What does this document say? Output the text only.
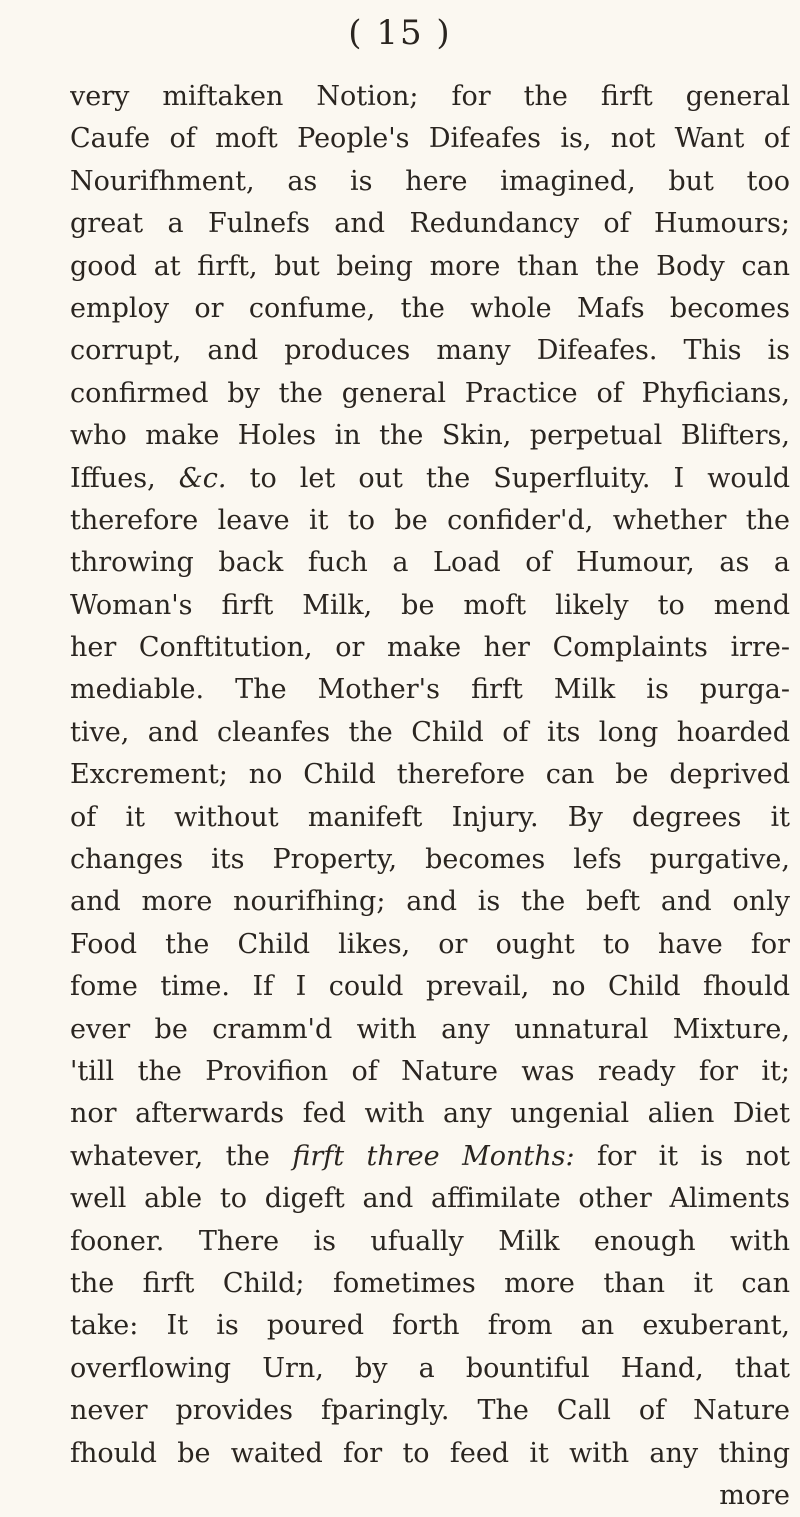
( 15 )
very miftaken Notion; for the firft general
Caufe of moft People's Difeafes is, not Want of
Nourifhment, as is here imagined, but too
great a Fulnefs and Redundancy of Humours;
good at firft, but being more than the Body can
employ or confume, the whole Mafs becomes
corrupt, and produces many Difeafes. This is
confirmed by the general Practice of Phyficians,
who make Holes in the Skin, perpetual Blifters,
Iffues, &c. to let out the Superfluity. I would
therefore leave it to be confider'd, whether the
throwing back fuch a Load of Humour, as a
Woman's firft Milk, be moft likely to mend
her Conftitution, or make her Complaints irre-
mediable. The Mother's firft Milk is purga-
tive, and cleanfes the Child of its long hoarded
Excrement; no Child therefore can be deprived
of it without manifeft Injury. By degrees it
changes its Property, becomes lefs purgative,
and more nourifhing; and is the beft and only
Food the Child likes, or ought to have for
fome time. If I could prevail, no Child fhould
ever be cramm'd with any unnatural Mixture,
'till the Provifion of Nature was ready for it;
nor afterwards fed with any ungenial alien Diet
whatever, the firft three Months: for it is not
well able to digeft and affimilate other Aliments
fooner. There is ufually Milk enough with
the firft Child; fometimes more than it can
take: It is poured forth from an exuberant,
overflowing Urn, by a bountiful Hand, that
never provides fparingly. The Call of Nature
fhould be waited for to feed it with any thing
more
